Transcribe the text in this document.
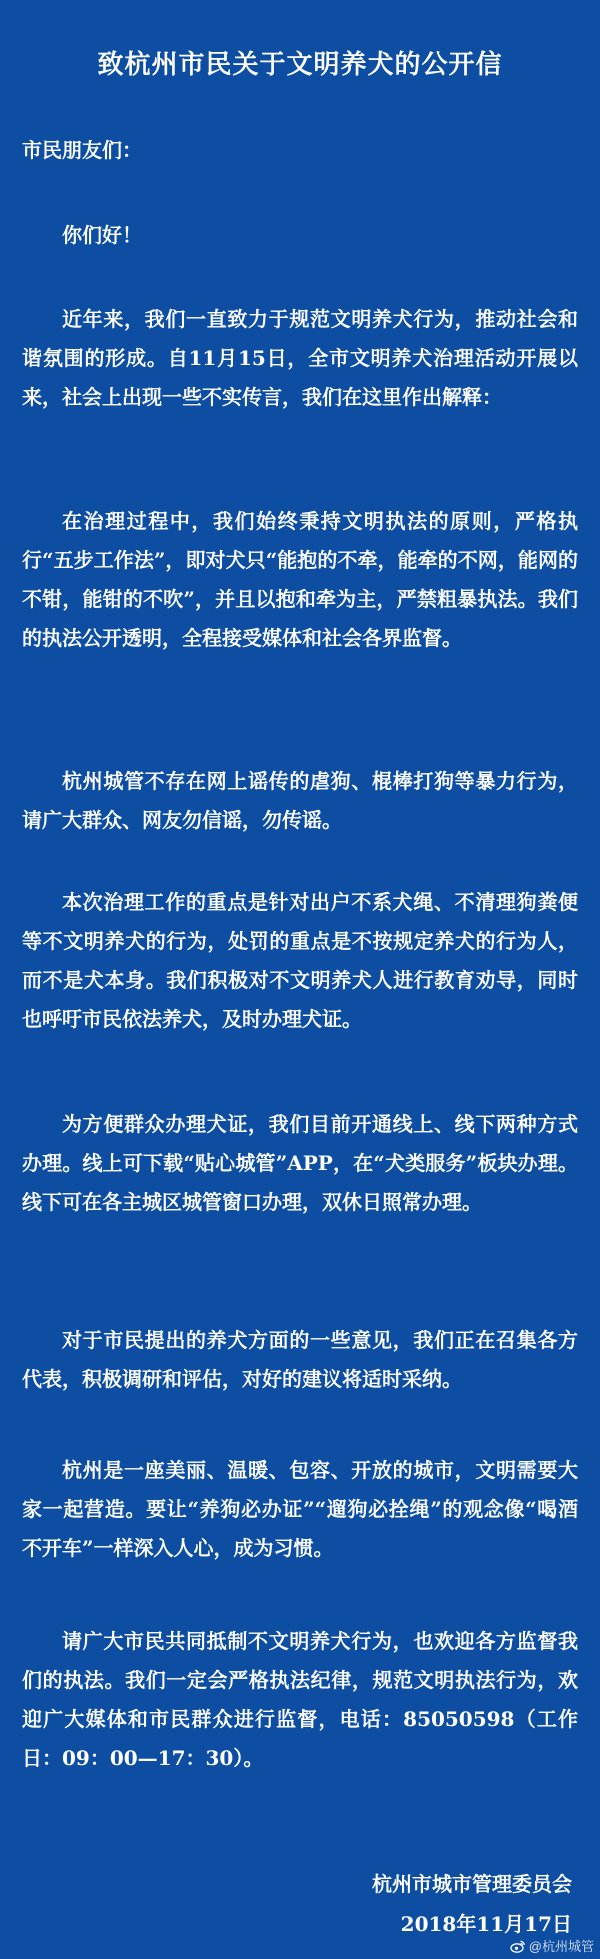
致杭州市民关于文明养犬的公开信
市民朋友们：
你们好！

近年来，我们一直致力于规范文明养犬行为，推动社会和谐氛围的形成。自11月15日，全市文明养犬治理活动开展以来，社会上出现一些不实传言，我们在这里作出解释：

在治理过程中，我们始终秉持文明执法的原则，严格执行“五步工作法”，即对犬只“能抱的不牵，能牵的不网，能网的不钳，能钳的不吹”，并且以抱和牵为主，严禁粗暴执法。我们的执法公开透明，全程接受媒体和社会各界监督。

杭州城管不存在网上谣传的虐狗、棍棒打狗等暴力行为，请广大群众、网友勿信谣，勿传谣。

本次治理工作的重点是针对出户不系犬绳、不清理狗粪便等不文明养犬的行为，处罚的重点是不按规定养犬的行为人，而不是犬本身。我们积极对不文明养犬人进行教育劝导，同时也呼吁市民依法养犬，及时办理犬证。

为方便群众办理犬证，我们目前开通线上、线下两种方式办理。线上可下载“贴心城管”APP，在“犬类服务”板块办理。线下可在各主城区城管窗口办理，双休日照常办理。

对于市民提出的养犬方面的一些意见，我们正在召集各方代表，积极调研和评估，对好的建议将适时采纳。

杭州是一座美丽、温暖、包容、开放的城市，文明需要大家一起营造。要让“养狗必办证”“遛狗必拴绳”的观念像“喝酒不开车”一样深入人心，成为习惯。

请广大市民共同抵制不文明养犬行为，也欢迎各方监督我们的执法。我们一定会严格执法纪律，规范文明执法行为，欢迎广大媒体和市民群众进行监督，电话：85050598（工作日：09：00—17：30）。

杭州市城市管理委员会
2018年11月17日
@杭州城管
